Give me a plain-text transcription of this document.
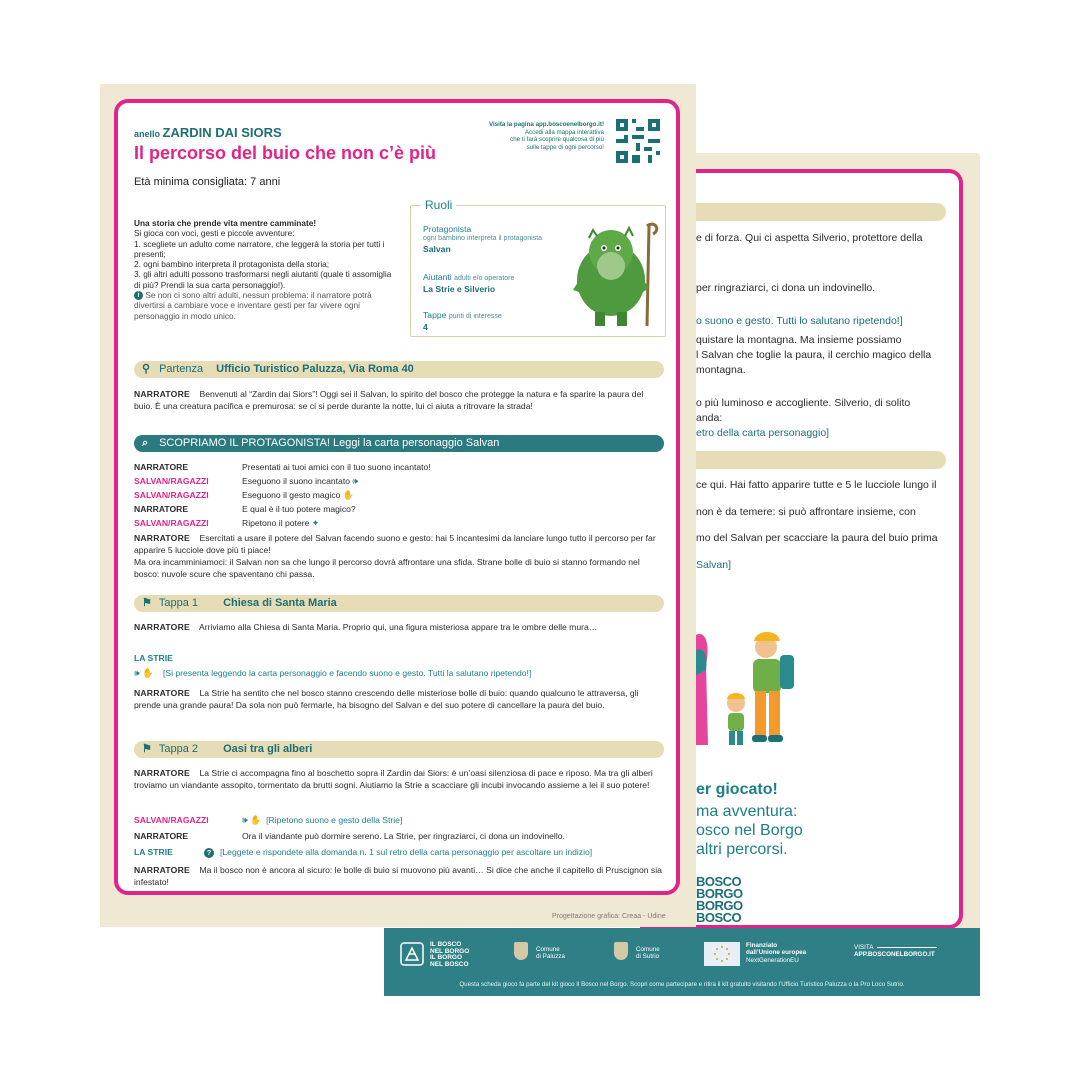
e di forza. Qui ci aspetta Silverio, protettore della
per ringraziarci, ci dona un indovinello.
o suono e gesto. Tutti lo salutano ripetendo!]
quistare la montagna. Ma insieme possiamo
l Salvan che toglie la paura, il cerchio magico della
montagna.
o più luminoso e accogliente. Silverio, di solito
anda:
etro della carta personaggio]
ce qui. Hai fatto apparire tutte e 5 le lucciole lungo il
non è da temere: si può affrontare insieme, con
mo del Salvan per scacciare la paura del buio prima
Salvan]
er giocato!
ma avventura:
osco nel Borgo
altri percorsi.
BOSCO
BORGO
BORGO
BOSCO
anello ZARDIN DAI SIORS
Il percorso del buio che non c’è più
Età minima consigliata: 7 anni
Visita la pagina app.boscoenelborgo.it!
Accedi alla mappa interattiva
che ti farà scoprire qualcosa di più
sulle tappe di ogni percorso!
Una storia che prende vita mentre camminate!
Si gioca con voci, gesti e piccole avventure:
1. scegliete un adulto come narratore, che leggerà la storia per tutti i presenti;
2. ogni bambino interpreta il protagonista della storia;
3. gli altri adulti possono trasformarsi negli aiutanti (quale ti assomiglia di più? Prendi la sua carta personaggio!).
i Se non ci sono altri adulti, nessun problema: il narratore potrà divertirsi a cambiare voce e inventare gesti per far vivere ogni personaggio in modo unico.
Ruoli
Protagonista
ogni bambino interpreta il protagonista
Salvan
Aiutanti adulti e/o operatore
La Strie e Silverio
Tappe punti di interesse
4
⚲ Partenza Ufficio Turistico Paluzza, Via Roma 40
NARRATORE Benvenuti al “Zardin dai Siors”! Oggi sei il Salvan, lo spirito del bosco che protegge la natura e fa sparire la paura del buio. È una creatura pacifica e premurosa: se ci si perde durante la notte, lui ci aiuta a ritrovare la strada!
⌕ SCOPRIAMO IL PROTAGONISTA! Leggi la carta personaggio Salvan
NARRATORE	Presentati ai tuoi amici con il tuo suono incantato!
SALVAN/RAGAZZI	Eseguono il suono incantato 🕪
SALVAN/RAGAZZI	Eseguono il gesto magico ✋
NARRATORE	E qual è il tuo potere magico?
SALVAN/RAGAZZI	Ripetono il potere ✦
NARRATORE Esercitati a usare il potere del Salvan facendo suono e gesto: hai 5 incantesimi da lanciare lungo tutto il percorso per far apparire 5 lucciole dove più ti piace!
Ma ora incamminiamoci: il Salvan non sa che lungo il percorso dovrà affrontare una sfida. Strane bolle di buio si stanno formando nel bosco: nuvole scure che spaventano chi passa.
⚑ Tappa 1 Chiesa di Santa Maria
NARRATORE Arriviamo alla Chiesa di Santa Maria. Proprio qui, una figura misteriosa appare tra le ombre delle mura…
LA STRIE
🕪 ✋ [Si presenta leggendo la carta personaggio e facendo suono e gesto. Tutti la salutano ripetendo!]
NARRATORE La Strie ha sentito che nel bosco stanno crescendo delle misteriose bolle di buio: quando qualcuno le attraversa, gli prende una grande paura! Da sola non può fermarle, ha bisogno del Salvan e del suo potere di cancellare la paura del buio.
⚑ Tappa 2 Oasi tra gli alberi
NARRATORE La Strie ci accompagna fino al boschetto sopra il Zardin dai Siors: è un’oasi silenziosa di pace e riposo. Ma tra gli alberi troviamo un viandante assopito, tormentato da brutti sogni. Aiutiamo la Strie a scacciare gli incubi invocando assieme a lei il suo potere!
SALVAN/RAGAZZI	🕪 ✋ [Ripetono suono e gesto della Strie]
NARRATORE	Ora il viandante può dormire sereno. La Strie, per ringraziarci, ci dona un indovinello.
LA STRIE	? [Leggete e rispondete alla domanda n. 1 sul retro della carta personaggio per ascoltare un indizio]
NARRATORE Ma il bosco non è ancora al sicuro: le bolle di buio si muovono più avanti… Si dice che anche il capitello di Pruscignon sia infestato!
Progettazione grafica: Creaa - Udine
IL BOSCO
NEL BORGO
IL BORGO
NEL BOSCO
Comune
di Paluzza
Comune
di Sutrio
Finanziato
dall’Unione europea
NextGenerationEU
VISITA
APP.BOSCONELBORGO.IT
Questa scheda gioco fa parte del kit gioco Il Bosco nel Borgo. Scopri come partecipare e ritira il kit gratuito visitando l’Ufficio Turistico Paluzza o la Pro Loco Sutrio.
